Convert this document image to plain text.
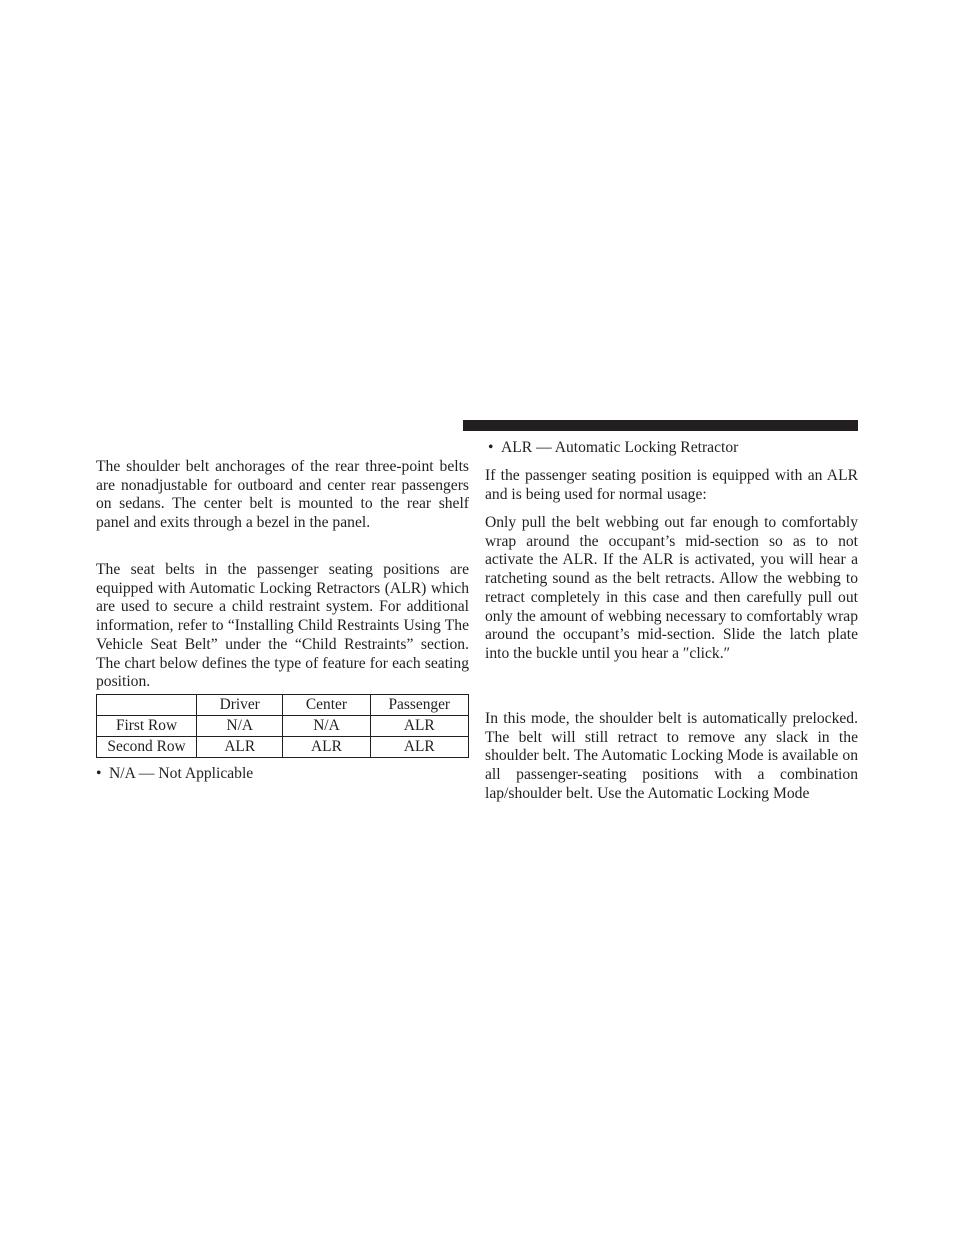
The shoulder belt anchorages of the rear three-point belts are nonadjustable for outboard and center rear passengers on sedans. The center belt is mounted to the rear shelf panel and exits through a bezel in the panel.

The seat belts in the passenger seating positions are equipped with Automatic Locking Retractors (ALR) which are used to secure a child restraint system. For additional information, refer to “Installing Child Restraints Using The Vehicle Seat Belt” under the “Child Restraints” section. The chart below defines the type of feature for each seating position.

	Driver	Center	Passenger
First Row	N/A	N/A	ALR
Second Row	ALR	ALR	ALR
• N/A — Not Applicable
• ALR — Automatic Locking Retractor

If the passenger seating position is equipped with an ALR and is being used for normal usage:

Only pull the belt webbing out far enough to comfortably wrap around the occupant’s mid-section so as to not activate the ALR. If the ALR is activated, you will hear a ratcheting sound as the belt retracts. Allow the webbing to retract completely in this case and then carefully pull out only the amount of webbing necessary to comfortably wrap around the occupant’s mid-section. Slide the latch plate into the buckle until you hear a ″click.″

In this mode, the shoulder belt is automatically prelocked. The belt will still retract to remove any slack in the shoulder belt. The Automatic Locking Mode is available on all passenger-seating positions with a combination lap/shoulder belt. Use the Automatic Locking Mode
